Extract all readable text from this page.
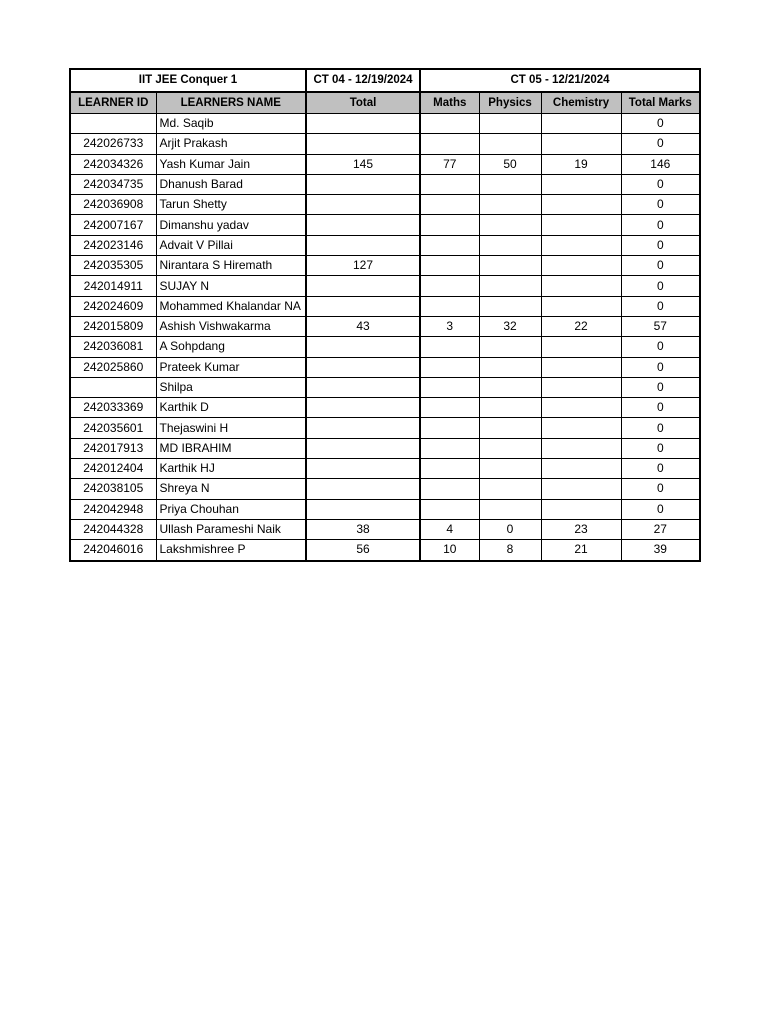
IIT JEE Conquer 1		CT 04 - 12/19/2024	CT 05 - 12/21/2024			
LEARNER ID	LEARNERS NAME	Total	Maths	Physics	Chemistry	Total Marks
	Md. Saqib					0
242026733	Arjit Prakash					0
242034326	Yash Kumar Jain	145	77	50	19	146
242034735	Dhanush Barad					0
242036908	Tarun Shetty					0
242007167	Dimanshu yadav					0
242023146	Advait V Pillai					0
242035305	Nirantara S Hiremath	127				0
242014911	SUJAY N					0
242024609	Mohammed Khalandar NA					0
242015809	Ashish Vishwakarma	43	3	32	22	57
242036081	A Sohpdang					0
242025860	Prateek Kumar					0
	Shilpa					0
242033369	Karthik D					0
242035601	Thejaswini H					0
242017913	MD IBRAHIM					0
242012404	Karthik HJ					0
242038105	Shreya N					0
242042948	Priya Chouhan					0
242044328	Ullash Parameshi Naik	38	4	0	23	27
242046016	Lakshmishree P	56	10	8	21	39
